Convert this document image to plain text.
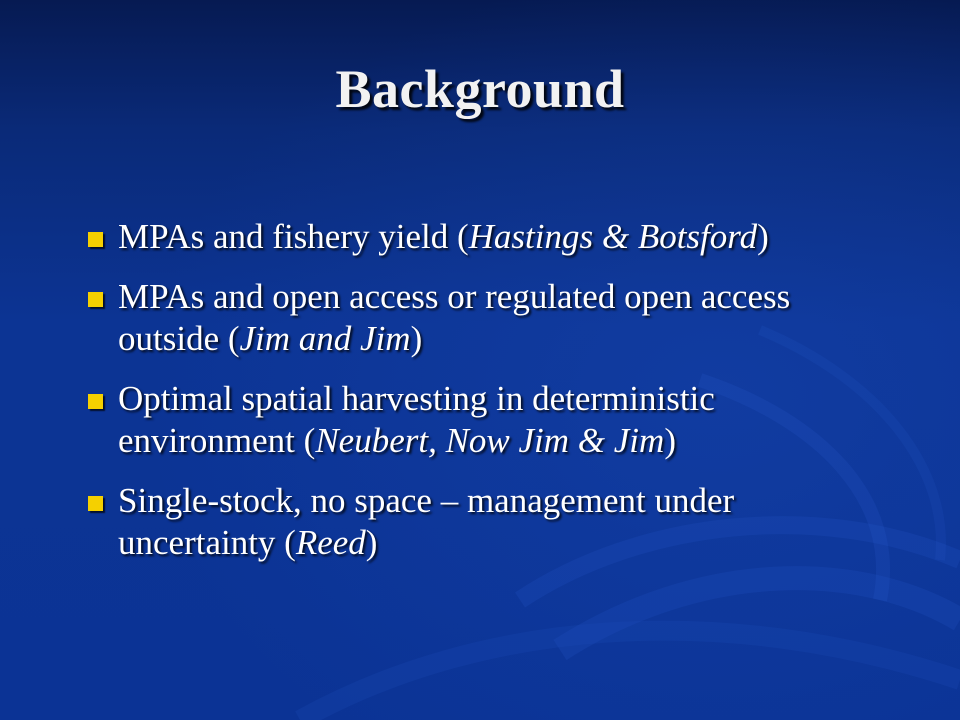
Background
MPAs and fishery yield (Hastings & Botsford)
MPAs and open access or regulated open access outside (Jim and Jim)
Optimal spatial harvesting in deterministic environment (Neubert, Now Jim & Jim)
Single-stock, no space – management under uncertainty (Reed)
